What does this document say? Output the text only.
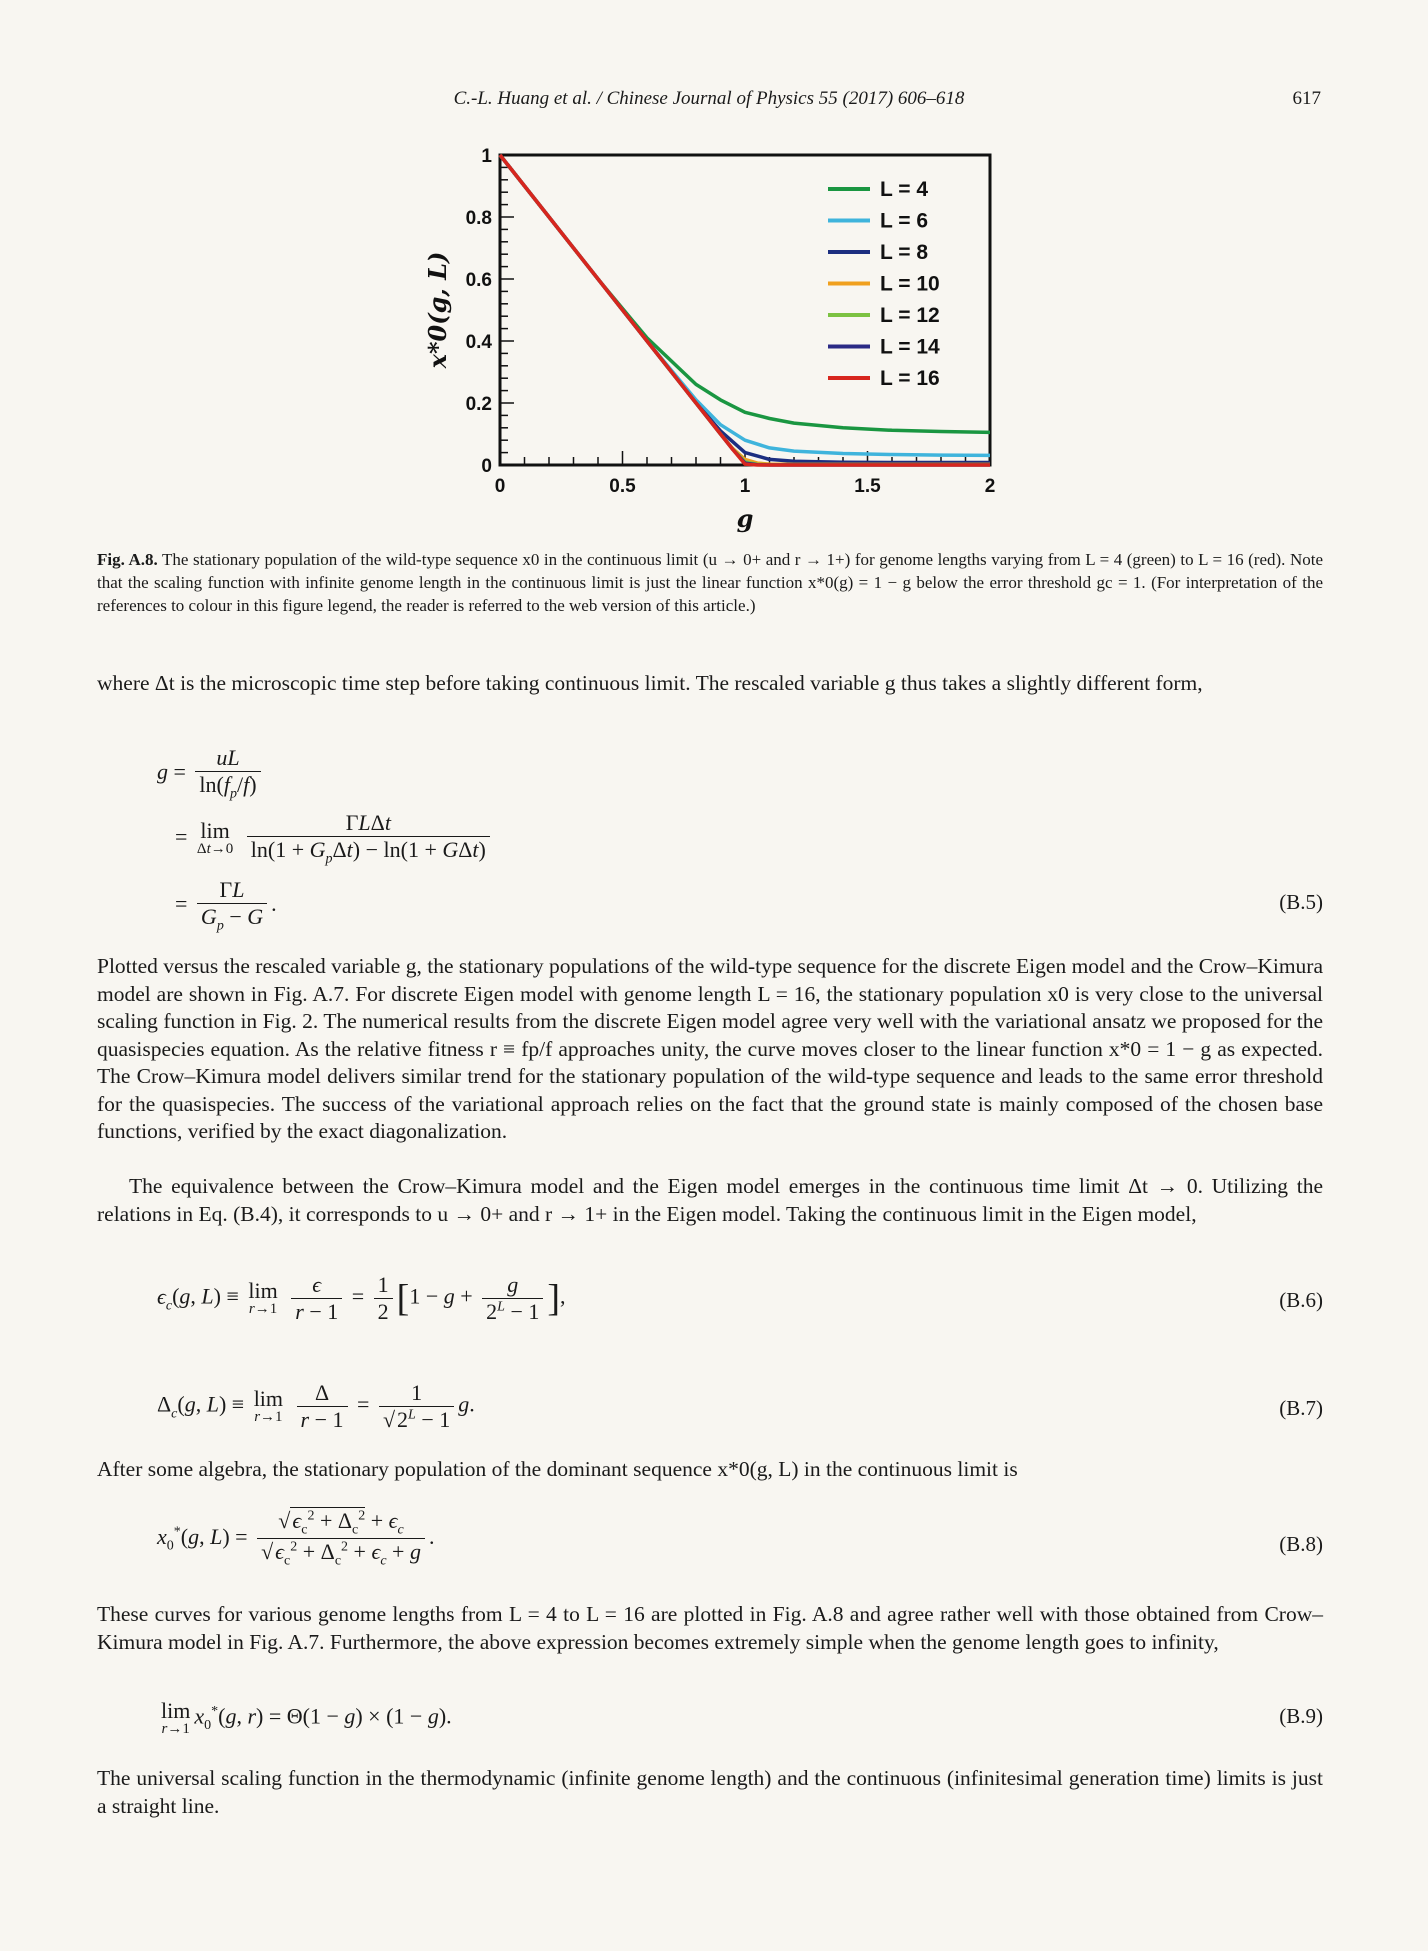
C.-L. Huang et al. / Chinese Journal of Physics 55 (2017) 606–618	617
0
0.2
0.4
0.6
0.8
1
0	0.5	1	1.5	2
g
x*0(g, L)
L = 4
L = 6
L = 8
L = 10
L = 12
L = 14
L = 16
Fig. A.8. The stationary population of the wild-type sequence x0 in the continuous limit (u → 0+ and r → 1+) for genome lengths varying from L = 4 (green) to L = 16 (red). Note that the scaling function with infinite genome length in the continuous limit is just the linear function x*0(g) = 1 − g below the error threshold gc = 1. (For interpretation of the references to colour in this figure legend, the reader is referred to the web version of this article.)
where Δt is the microscopic time step before taking continuous limit. The rescaled variable g thus takes a slightly different form,
$g = \frac{uL}{\ln(f_p/f)}$
= lim
Δt→0
$\frac{\text{ΓLΔt}}{\ln(1 + G_p\Delta t) - \ln(1 + G\Delta t)}$
= $\frac{\Gamma L}{G_p - G}$ .	(B.5)
Plotted versus the rescaled variable g, the stationary populations of the wild-type sequence for the discrete Eigen model and the Crow–Kimura model are shown in Fig. A.7. For discrete Eigen model with genome length L = 16, the stationary population x0 is very close to the universal scaling function in Fig. 2. The numerical results from the discrete Eigen model agree very well with the variational ansatz we proposed for the quasispecies equation. As the relative fitness r ≡ fp/f approaches unity, the curve moves closer to the linear function x*0 = 1 − g as expected. The Crow–Kimura model delivers similar trend for the stationary population of the wild-type sequence and leads to the same error threshold for the quasispecies. The success of the variational approach relies on the fact that the ground state is mainly composed of the chosen base functions, verified by the exact diagonalization.
The equivalence between the Crow–Kimura model and the Eigen model emerges in the continuous time limit Δt → 0. Utilizing the relations in Eq. (B.4), it corresponds to u → 0+ and r → 1+ in the Eigen model. Taking the continuous limit in the Eigen model,
$\epsilon_c(g$, L) ≡ lim
r→1
$\frac{\epsilon}{r - 1} = \frac{1}{2} [1 - g + \frac{g}{2^L - 1}$ ],	(B.6)
$\Delta_c(g$, L) ≡ lim
r→1
$\frac{\Delta}{r - 1} = \frac{1}{√2^L - 1} g$.	(B.7)
After some algebra, the stationary population of the dominant sequence x*0(g, L) in the continuous limit is
$x_0^*(g$, $L) = \frac{√\epsilon_c^2 + \Delta_c^2 + \epsilon_c}{√\epsilon_c^2 + \Delta_c^2 + \epsilon_c + g}$ .	(B.8)
These curves for various genome lengths from L = 4 to L = 16 are plotted in Fig. A.8 and agree rather well with those obtained from Crow–Kimura model in Fig. A.7. Furthermore, the above expression becomes extremely simple when the genome length goes to infinity,
lim
r→1
$x_0^*(g$, r) = Θ(1 − g) × (1 − g).	(B.9)
The universal scaling function in the thermodynamic (infinite genome length) and the continuous (infinitesimal generation time) limits is just a straight line.
